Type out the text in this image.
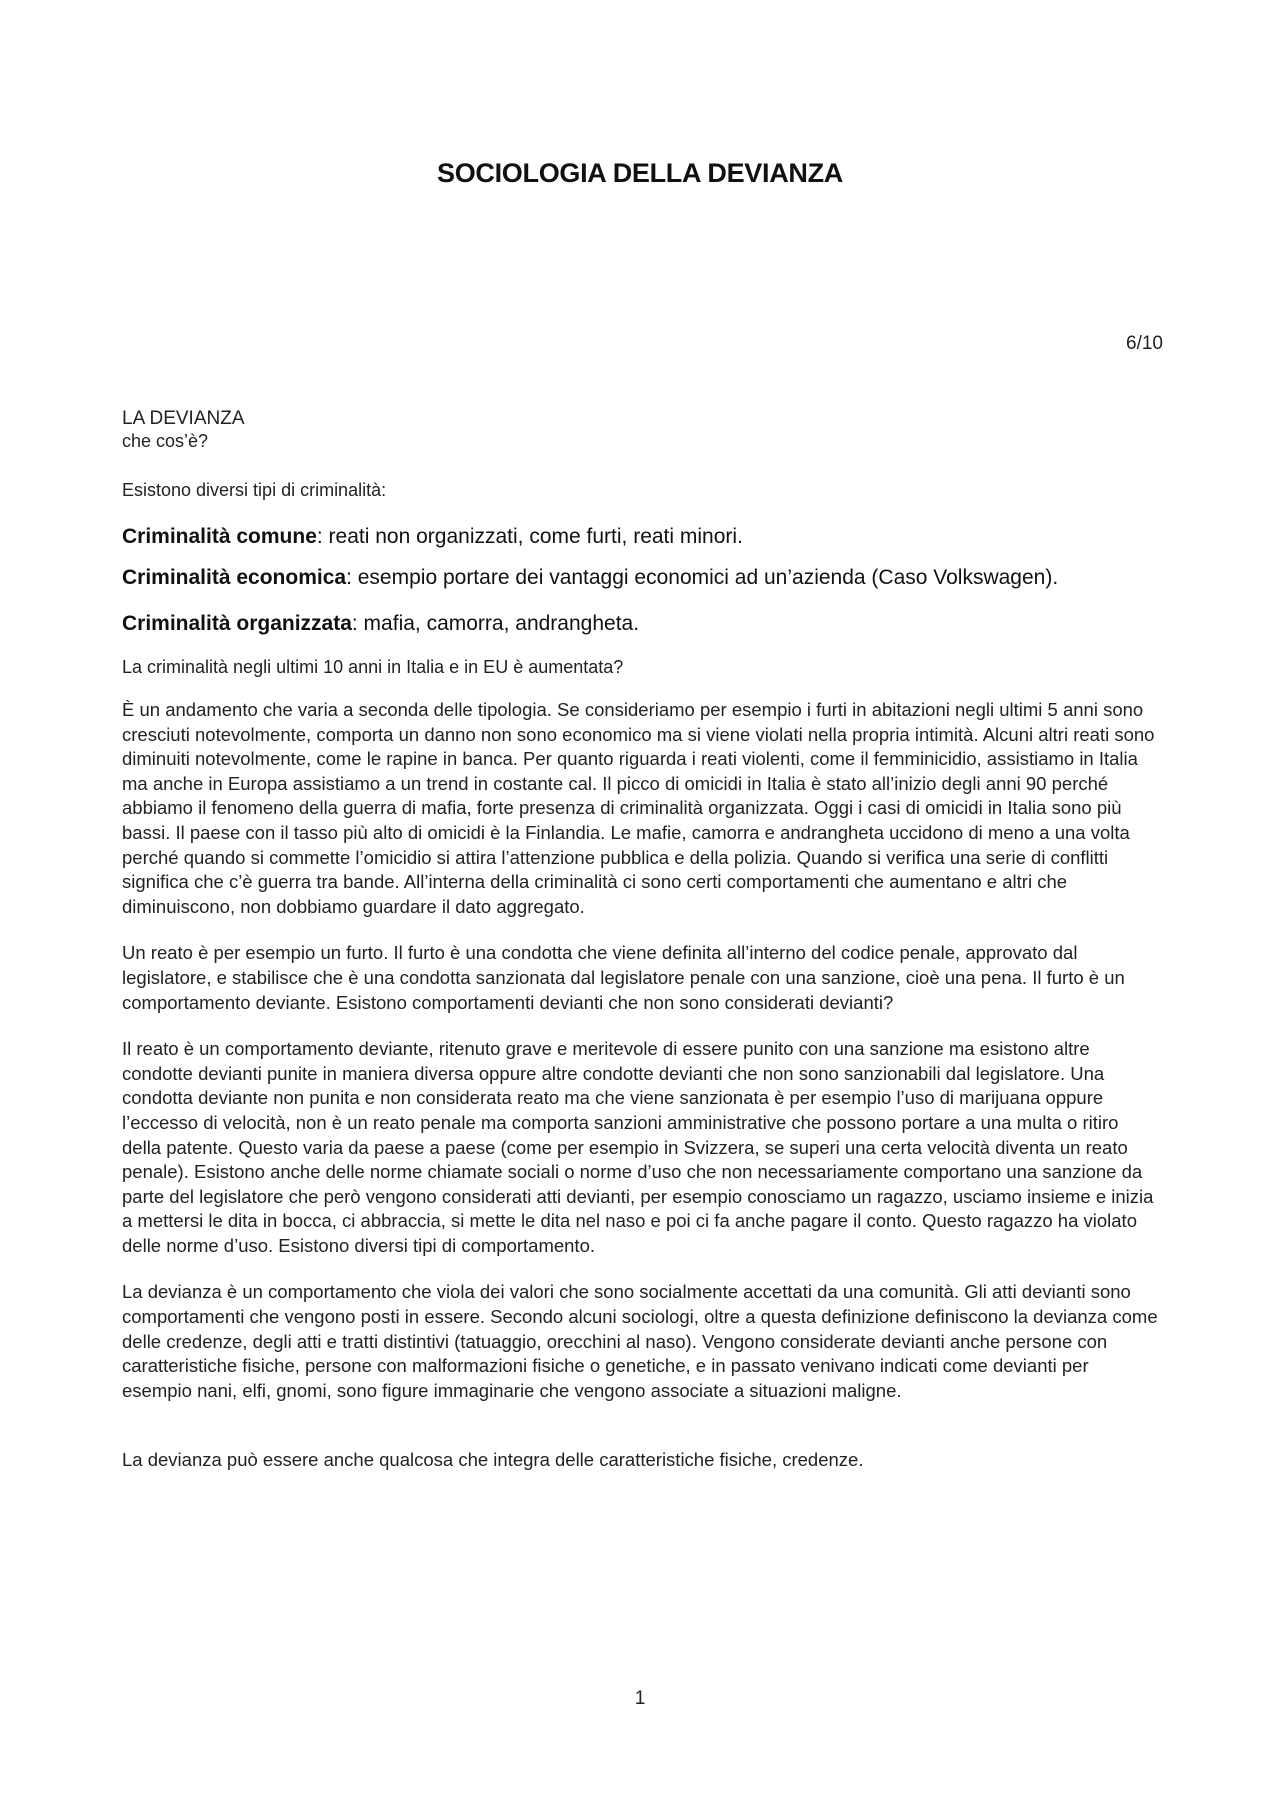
SOCIOLOGIA DELLA DEVIANZA
6/10
LA DEVIANZA
che cos’è?
Esistono diversi tipi di criminalità:
Criminalità comune: reati non organizzati, come furti, reati minori.
Criminalità economica: esempio portare dei vantaggi economici ad un’azienda (Caso Volkswagen).
Criminalità organizzata: mafia, camorra, andrangheta.
La criminalità negli ultimi 10 anni in Italia e in EU è aumentata?
È un andamento che varia a seconda delle tipologia. Se consideriamo per esempio i furti in abitazioni negli ultimi 5 anni sono cresciuti notevolmente, comporta un danno non sono economico ma si viene violati nella propria intimità. Alcuni altri reati sono diminuiti notevolmente, come le rapine in banca. Per quanto riguarda i reati violenti, come il femminicidio, assistiamo in Italia ma anche in Europa assistiamo a un trend in costante cal. Il picco di omicidi in Italia è stato all’inizio degli anni 90 perché abbiamo il fenomeno della guerra di mafia, forte presenza di criminalità organizzata. Oggi i casi di omicidi in Italia sono più bassi. Il paese con il tasso più alto di omicidi è la Finlandia. Le mafie, camorra e andrangheta uccidono di meno a una volta perché quando si commette l’omicidio si attira l’attenzione pubblica e della polizia. Quando si verifica una serie di conflitti significa che c’è guerra tra bande. All’interna della criminalità ci sono certi comportamenti che aumentano e altri che diminuiscono, non dobbiamo guardare il dato aggregato.
Un reato è per esempio un furto. Il furto è una condotta che viene definita all’interno del codice penale, approvato dal legislatore, e stabilisce che è una condotta sanzionata dal legislatore penale con una sanzione, cioè una pena. Il furto è un comportamento deviante. Esistono comportamenti devianti che non sono considerati devianti?
Il reato è un comportamento deviante, ritenuto grave e meritevole di essere punito con una sanzione ma esistono altre condotte devianti punite in maniera diversa oppure altre condotte devianti che non sono sanzionabili dal legislatore. Una condotta deviante non punita e non considerata reato ma che viene sanzionata è per esempio l’uso di marijuana oppure l’eccesso di velocità, non è un reato penale ma comporta sanzioni amministrative che possono portare a una multa o ritiro della patente. Questo varia da paese a paese (come per esempio in Svizzera, se superi una certa velocità diventa un reato penale). Esistono anche delle norme chiamate sociali o norme d’uso che non necessariamente comportano una sanzione da parte del legislatore che però vengono considerati atti devianti, per esempio conosciamo un ragazzo, usciamo insieme e inizia a mettersi le dita in bocca, ci abbraccia, si mette le dita nel naso e poi ci fa anche pagare il conto. Questo ragazzo ha violato delle norme d’uso. Esistono diversi tipi di comportamento.
La devianza è un comportamento che viola dei valori che sono socialmente accettati da una comunità. Gli atti devianti sono comportamenti che vengono posti in essere. Secondo alcuni sociologi, oltre a questa definizione definiscono la devianza come delle credenze, degli atti e tratti distintivi (tatuaggio, orecchini al naso). Vengono considerate devianti anche persone con caratteristiche fisiche, persone con malformazioni fisiche o genetiche, e in passato venivano indicati come devianti per esempio nani, elfi, gnomi, sono figure immaginarie che vengono associate a situazioni maligne.
La devianza può essere anche qualcosa che integra delle caratteristiche fisiche, credenze.
1
